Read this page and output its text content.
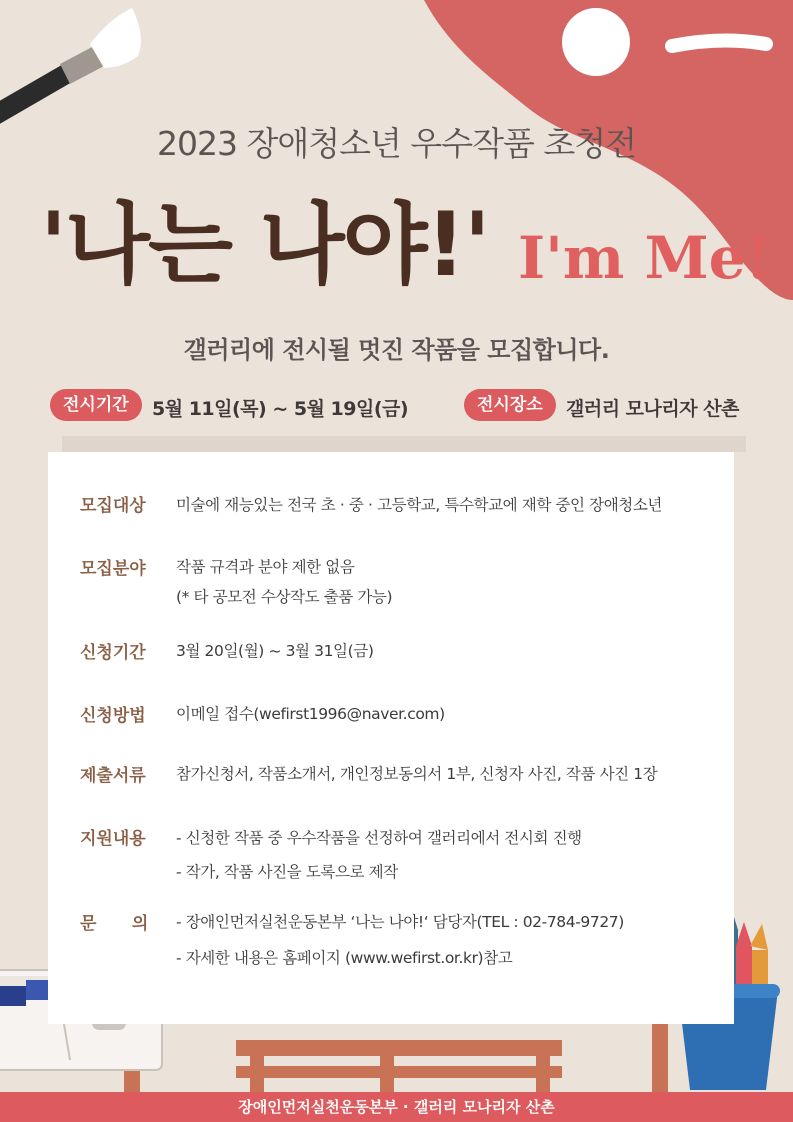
2023 장애청소년 우수작품 초청전
'나는 나야!' I'm Me!
갤러리에 전시될 멋진 작품을 모집합니다.
전시기간	5월 11일(목) ~ 5월 19일(금)	전시장소	갤러리 모나리자 산촌
모집대상 미술에 재능있는 전국 초 · 중 · 고등학교, 특수학교에 재학 중인 장애청소년
모집분야 작품 규격과 분야 제한 없음
(* 타 공모전 수상작도 출품 가능)
신청기간 3월 20일(월) ~ 3월 31일(금)
신청방법 이메일 접수(wefirst1996@naver.com)
제출서류 참가신청서, 작품소개서, 개인정보동의서 1부, 신청자 사진, 작품 사진 1장
지원내용 - 신청한 작품 중 우수작품을 선정하여 갤러리에서 전시회 진행
- 작가, 작품 사진을 도록으로 제작
문      의 - 장애인먼저실천운동본부 ‘나는 나야!‘ 담당자(TEL : 02-784-9727)
- 자세한 내용은 홈페이지 (www.wefirst.or.kr)참고
장애인먼저실천운동본부 · 갤러리 모나리자 산촌
